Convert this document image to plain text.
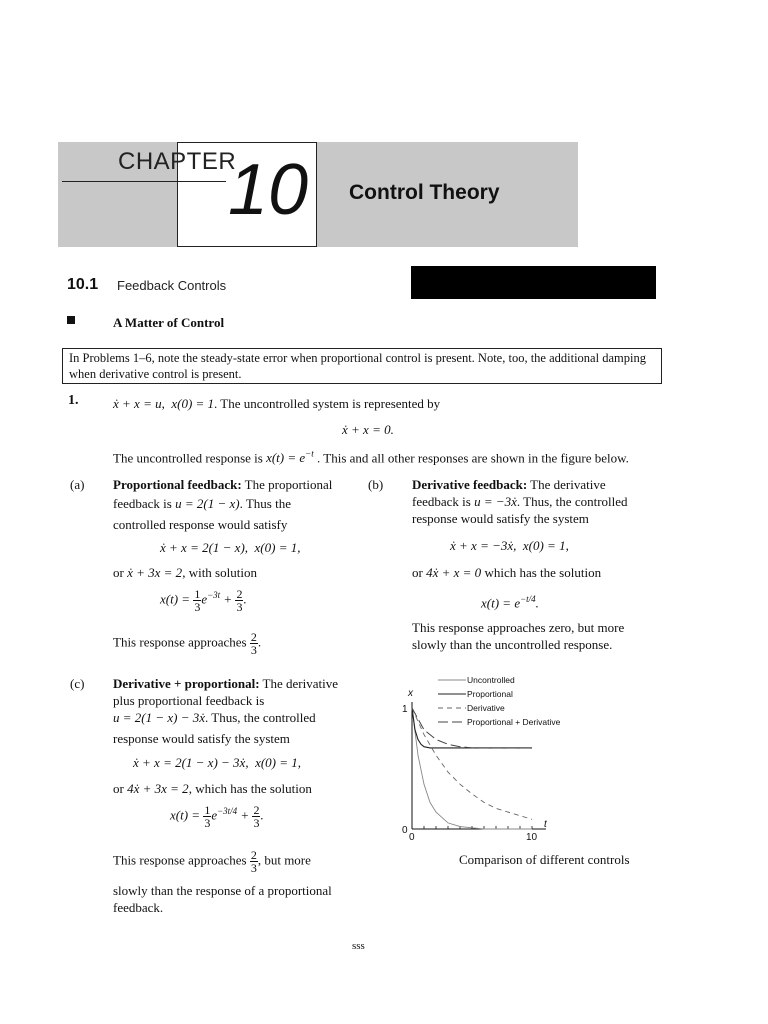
CHAPTER
10 Control Theory
10.1 Feedback Controls
A Matter of Control
In Problems 1–6, note the steady-state error when proportional control is present. Note, too, the additional damping when derivative control is present.
1.	ẋ + x = u,  x(0) = 1. The uncontrolled system is represented by
ẋ + x = 0.
The uncontrolled response is $x(t) = e^{-t}$ . This and all other responses are shown in the figure below.
(a) Proportional feedback: The proportional
feedback is u = 2(1 − x). Thus the
controlled response would satisfy
ẋ + x = 2(1 − x),  x(0) = 1,
or ẋ + 3x = 2, with solution
$x(t) = \frac{1}{3} e^{-3t} + \frac{2}{3}$ .
This response approaches $\frac{2}{3}$ .
(b) Derivative feedback: The derivative
feedback is u = −3ẋ. Thus, the controlled
response would satisfy the system
ẋ + x = −3ẋ,  x(0) = 1,
or 4ẋ + x = 0 which has the solution
$x(t) = e^{-t/4}$.
This response approaches zero, but more
slowly than the uncontrolled response.
(c) Derivative + proportional: The derivative
plus proportional feedback is
u = 2(1 − x) − 3ẋ. Thus, the controlled
response would satisfy the system
ẋ + x = 2(1 − x) − 3ẋ,  x(0) = 1,
or 4ẋ + 3x = 2, which has the solution
$x(t) = \frac{1}{3} e^{-3t/4} + \frac{2}{3}$ .
This response approaches $\frac{2}{3}$ , but more
slowly than the response of a proportional
feedback.
1
0
0	10
x
t
Uncontrolled
Proportional
Derivative
Proportional + Derivative
Comparison of different controls
sss
